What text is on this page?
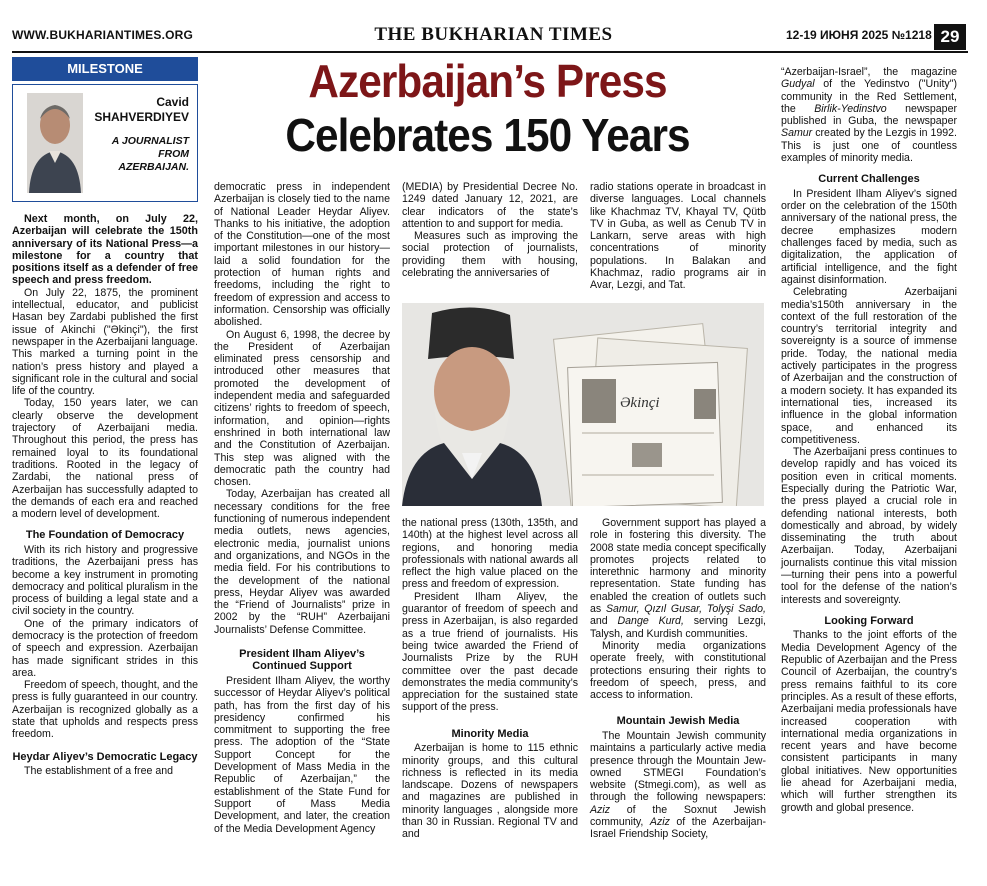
WWW.BUKHARIANTIMES.ORG	THE BUKHARIAN TIMES	12-19 ИЮНЯ 2025 №1218 29
MILESTONE
Cavid
SHAHVERDIYEV
A JOURNALIST FROM AZERBAIJAN.
Azerbaijan’s Press
Celebrates 150 Years

Next month, on July 22, Azerbaijan will celebrate the 150th anniversary of its National Press—a milestone for a country that positions itself as a defender of free speech and press freedom.

On July 22, 1875, the prominent intellectual, educator, and publicist Hasan bey Zardabi published the first issue of Akinchi ("Əkinçi"), the first newspaper in the Azerbaijani language. This marked a turning point in the nation’s press history and played a significant role in the cultural and social life of the country.

Today, 150 years later, we can clearly observe the development trajectory of Azerbaijani media. Throughout this period, the press has remained loyal to its foundational traditions. Rooted in the legacy of Zardabi, the national press of Azerbaijan has successfully adapted to the demands of each era and reached a modern level of development.

The Foundation of Democracy

With its rich history and progressive traditions, the Azerbaijani press has become a key instrument in promoting democracy and political pluralism in the process of building a legal state and a civil society in the country.

One of the primary indicators of democracy is the protection of freedom of speech and expression. Azerbaijan has made significant strides in this area.

Freedom of speech, thought, and the press is fully guaranteed in our country. Azerbaijan is recognized globally as a state that upholds and respects press freedom.

Heydar Aliyev’s Democratic Legacy

The establishment of a free and

democratic press in independent Azerbaijan is closely tied to the name of National Leader Heydar Aliyev. Thanks to his initiative, the adoption of the Constitution—one of the most important milestones in our history—laid a solid foundation for the protection of human rights and freedoms, including the right to freedom of expression and access to information. Censorship was officially abolished.

On August 6, 1998, the decree by the President of Azerbaijan eliminated press censorship and introduced other measures that promoted the development of independent media and safeguarded citizens’ rights to freedom of speech, information, and opinion—rights enshrined in both international law and the Constitution of Azerbaijan. This step was aligned with the democratic path the country had chosen.

Today, Azerbaijan has created all necessary conditions for the free functioning of numerous independent media outlets, news agencies, electronic media, journalist unions and organizations, and NGOs in the media field. For his contributions to the development of the national press, Heydar Aliyev was awarded the “Friend of Journalists” prize in 2002 by the “RUH” Azerbaijani Journalists’ Defense Committee.

President Ilham Aliyev’s Continued Support

President Ilham Aliyev, the worthy successor of Heydar Aliyev’s political path, has from the first day of his presidency confirmed his commitment to supporting the free press. The adoption of the “State Support Concept for the Development of Mass Media in the Republic of Azerbaijan,” the establishment of the State Fund for Support of Mass Media Development, and later, the creation of the Media Development Agency

(MEDIA) by Presidential Decree No. 1249 dated January 12, 2021, are clear indicators of the state’s attention to and support for media.

Measures such as improving the social protection of journalists, providing them with housing, celebrating the anniversaries of

radio stations operate in broadcast in diverse languages. Local channels like Khachmaz TV, Khayal TV, Qütb TV in Guba, as well as Cenub TV in Lankarn, serve areas with high concentrations of minority populations. In Balakan and Khachmaz, radio programs air in Avar, Lezgi, and Tat.

Əkinçi

the national press (130th, 135th, and 140th) at the highest level across all regions, and honoring media professionals with national awards all reflect the high value placed on the press and freedom of expression.

President Ilham Aliyev, the guarantor of freedom of speech and press in Azerbaijan, is also regarded as a true friend of journalists. His being twice awarded the Friend of Journalists Prize by the RUH committee over the past decade demonstrates the media community’s appreciation for the sustained state support of the press.

Minority Media

Azerbaijan is home to 115 ethnic minority groups, and this cultural richness is reflected in its media landscape. Dozens of newspapers and magazines are published in minority languages , alongside more than 30 in Russian. Regional TV and and

Government support has played a role in fostering this diversity. The 2008 state media concept specifically promotes projects related to interethnic harmony and minority representation. State funding has enabled the creation of outlets such as Samur, Qızıl Gusar, Tolyşi Sado, and Dange Kurd, serving Lezgi, Talysh, and Kurdish communities.

Minority media organizations operate freely, with constitutional protections ensuring their rights to freedom of speech, press, and access to information.

Mountain Jewish Media

The Mountain Jewish community maintains a particularly active media presence through the Mountain Jew-owned STMEGI Foundation’s website (Stmegi.com), as well as through the following newspapers: Aziz of the Soxnut Jewish community, Aziz of the Azerbaijan-Israel Friendship Society,

“Azerbaijan-Israel”, the magazine Gudyal of the Yedinstvo ("Unity") community in the Red Settlement, the Birlik-Yedinstvo newspaper published in Guba, the newspaper Samur created by the Lezgis in 1992. This is just one of countless examples of minority media.

Current Challenges

In President Ilham Aliyev’s signed order on the celebration of the 150th anniversary of the national press, the decree emphasizes modern challenges faced by media, such as digitalization, the application of artificial intelligence, and the fight against disinformation.

Celebrating Azerbaijani media’s150th anniversary in the context of the full restoration of the country’s territorial integrity and sovereignty is a source of immense pride. Today, the national media actively participates in the progress of Azerbaijan and the construction of a modern society. It has expanded its international ties, increased its influence in the global information space, and enhanced its competitiveness.

The Azerbaijani press continues to develop rapidly and has voiced its position even in critical moments. Especially during the Patriotic War, the press played a crucial role in defending national interests, both domestically and abroad, by widely disseminating the truth about Azerbaijan. Today, Azerbaijani journalists continue this vital mission—turning their pens into a powerful tool for the defense of the nation’s interests and sovereignty.

Looking Forward

Thanks to the joint efforts of the Media Development Agency of the Republic of Azerbaijan and the Press Council of Azerbaijan, the country’s press remains faithful to its core principles. As a result of these efforts, Azerbaijani media professionals have increased cooperation with international media organizations in recent years and have become consistent participants in many global initiatives. New opportunities lie ahead for Azerbaijani media, which will further strengthen its growth and global presence.
